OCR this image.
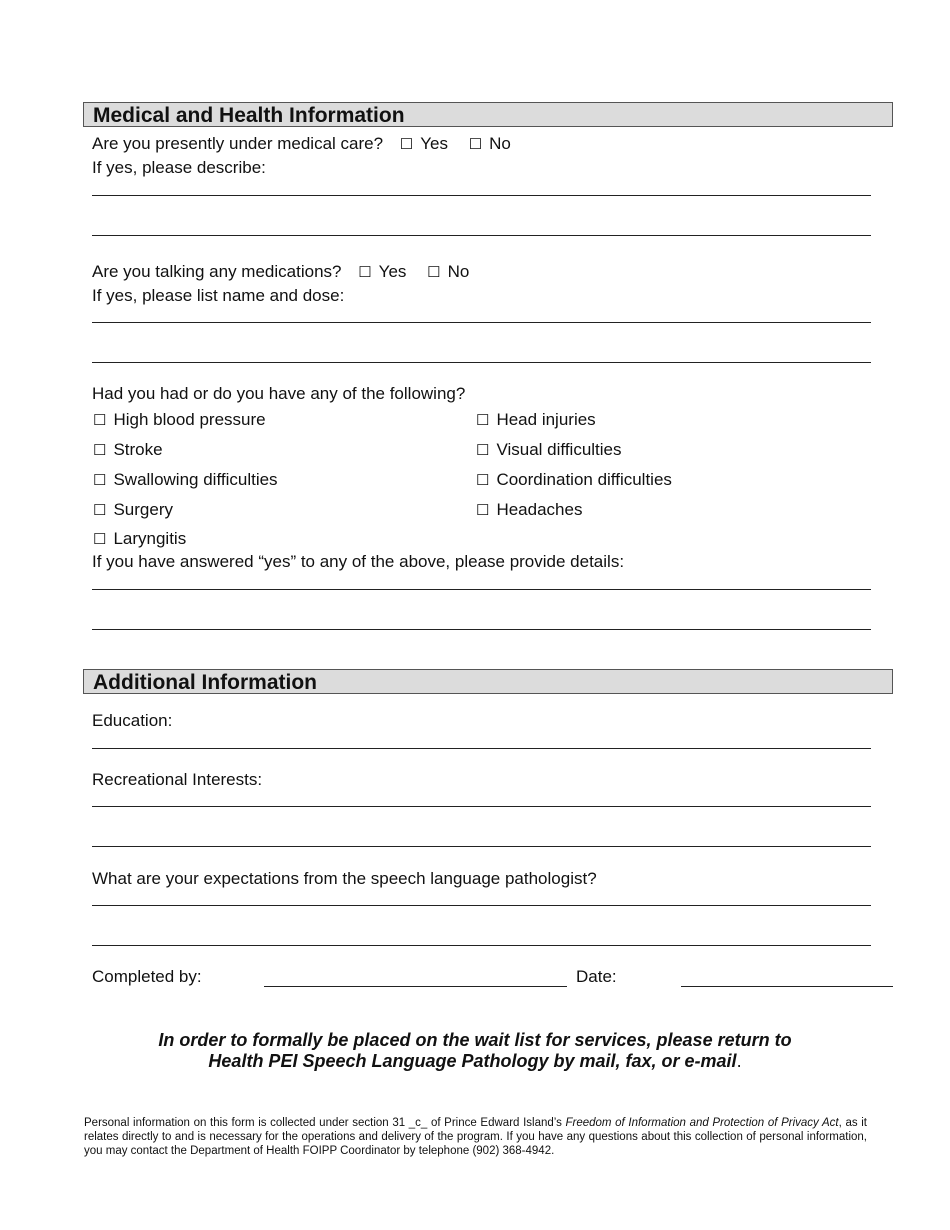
Medical and Health Information
Are you presently under medical care? ☐ Yes ☐ No
If yes, please describe:
Are you talking any medications? ☐ Yes ☐ No
If yes, please list name and dose:
Had you had or do you have any of the following?
☐ High blood pressure
☐ Stroke
☐ Swallowing difficulties
☐ Surgery
☐ Laryngitis
☐ Head injuries
☐ Visual difficulties
☐ Coordination difficulties
☐ Headaches
If you have answered “yes” to any of the above, please provide details:
Additional Information
Education:
Recreational Interests:
What are your expectations from the speech language pathologist?
Completed by:	Date:
In order to formally be placed on the wait list for services, please return to
Health PEI Speech Language Pathology by mail, fax, or e-mail.
Personal information on this form is collected under section 31 _c_ of Prince Edward Island’s Freedom of Information and Protection of Privacy Act, as it relates directly to and is necessary for the operations and delivery of the program. If you have any questions about this collection of personal information, you may contact the Department of Health FOIPP Coordinator by telephone (902) 368-4942.
